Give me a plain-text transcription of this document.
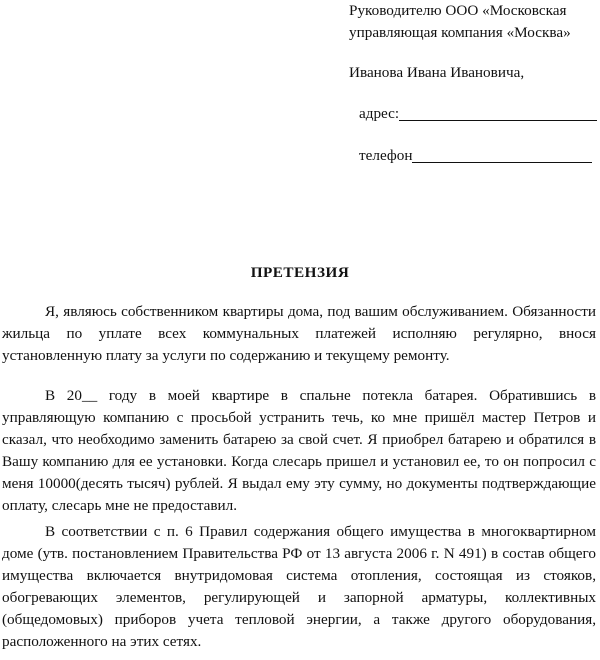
Руководителю ООО «Московская
управляющая компания «Москва»
Иванова Ивана Ивановича,
адрес:
телефон
ПРЕТЕНЗИЯ

Я, являюсь собственником квартиры дома, под вашим обслуживанием. Обязанности жильца по уплате всех коммунальных платежей исполняю регулярно, внося установленную плату за услуги по содержанию и текущему ремонту.

В 20__ году в моей квартире в спальне потекла батарея. Обратившись в управляющую компанию с просьбой устранить течь, ко мне пришёл мастер Петров и сказал, что необходимо заменить батарею за свой счет. Я приобрел батарею и обратился в Вашу компанию для ее установки. Когда слесарь пришел и установил ее, то он попросил с меня 10000(десять тысяч) рублей. Я выдал ему эту сумму, но документы подтверждающие оплату, слесарь мне не предоставил.

В соответствии с п. 6 Правил содержания общего имущества в многоквартирном доме (утв. постановлением Правительства РФ от 13 августа 2006 г. N 491) в состав общего имущества включается внутридомовая система отопления, состоящая из стояков, обогревающих элементов, регулирующей и запорной арматуры, коллективных (общедомовых) приборов учета тепловой энергии, а также другого оборудования, расположенного на этих сетях.
